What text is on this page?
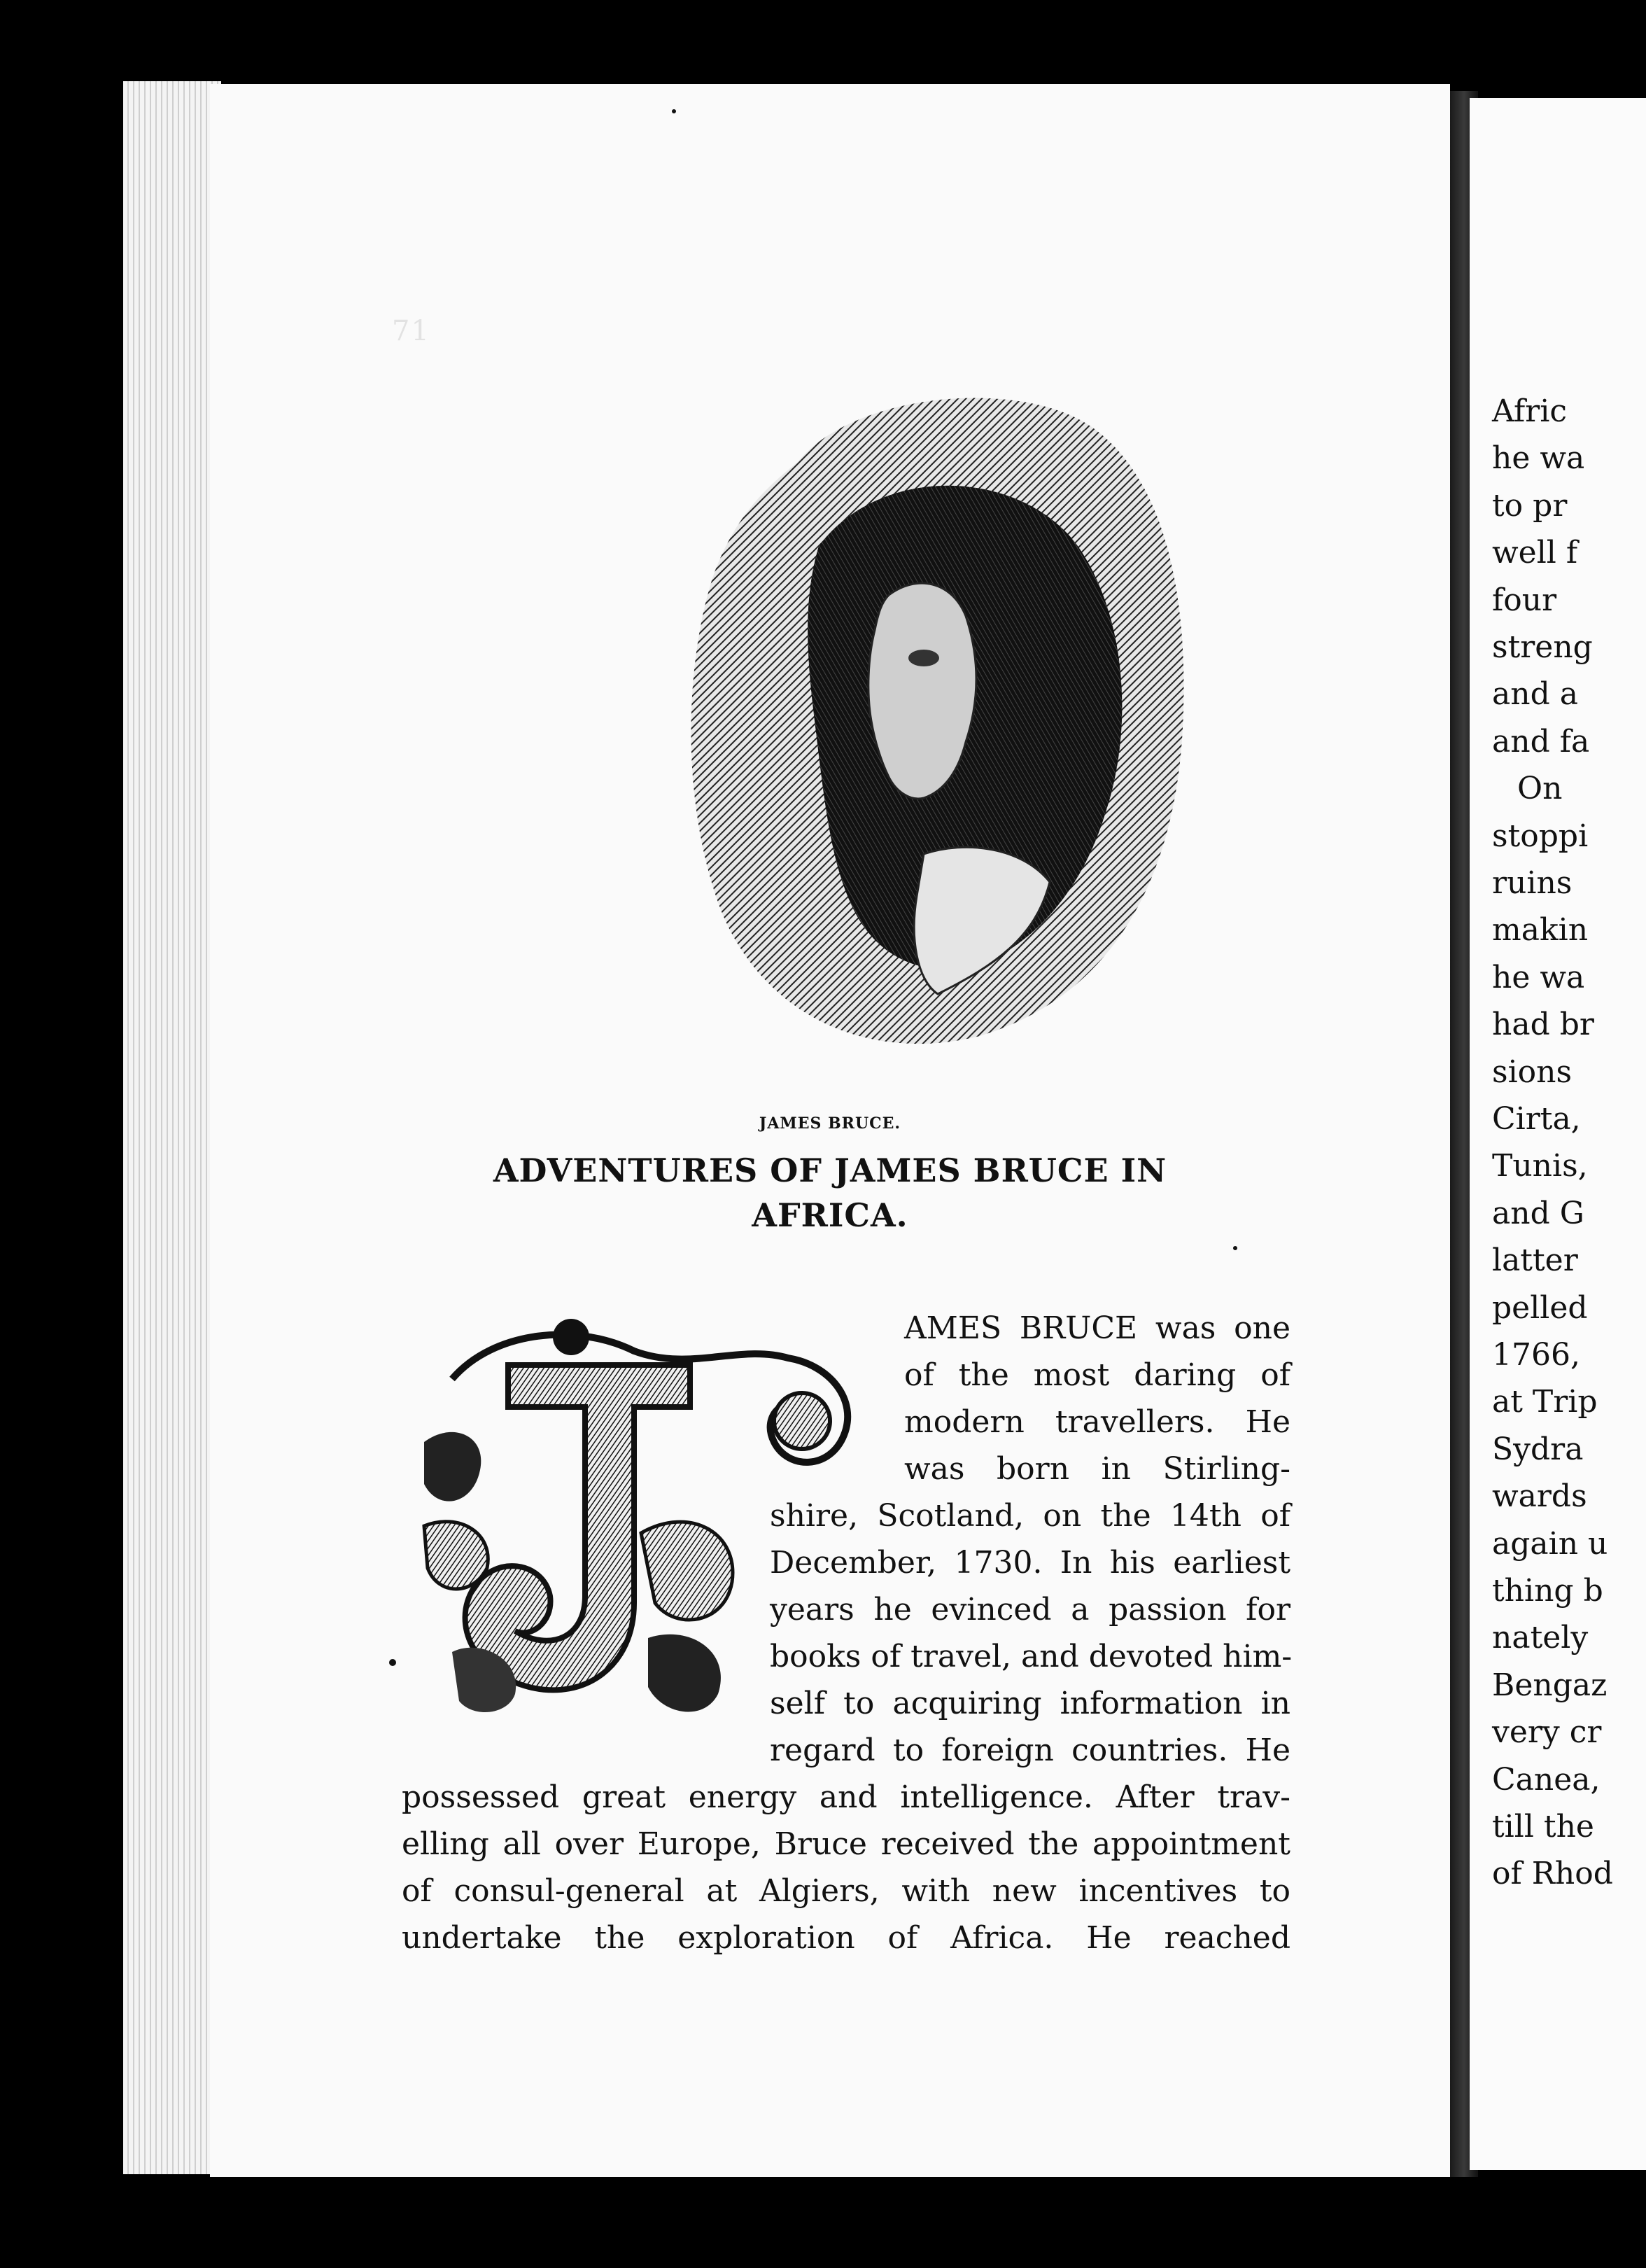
71
JAMES BRUCE.
ADVENTURES OF JAMES BRUCE IN
AFRICA.
AMES BRUCE was one
of the most daring of
modern travellers. He
was born in Stirling-
shire, Scotland, on the 14th of
December, 1730. In his earliest
years he evinced a passion for
books of travel, and devoted him-
self to acquiring information in
regard to foreign countries. He
possessed great energy and intelligence. After trav-
elling all over Europe, Bruce received the appointment
of consul-general at Algiers, with new incentives to
undertake the exploration of Africa. He reached
Afric
he wa
to pr
well f
four
streng
and a
and fa
On
stoppi
ruins
makin
he wa
had br
sions
Cirta,
Tunis,
and G
latter
pelled
1766,
at Trip
Sydra
wards
again u
thing b
nately
Bengaz
very cr
Canea,
till the
of Rhod
